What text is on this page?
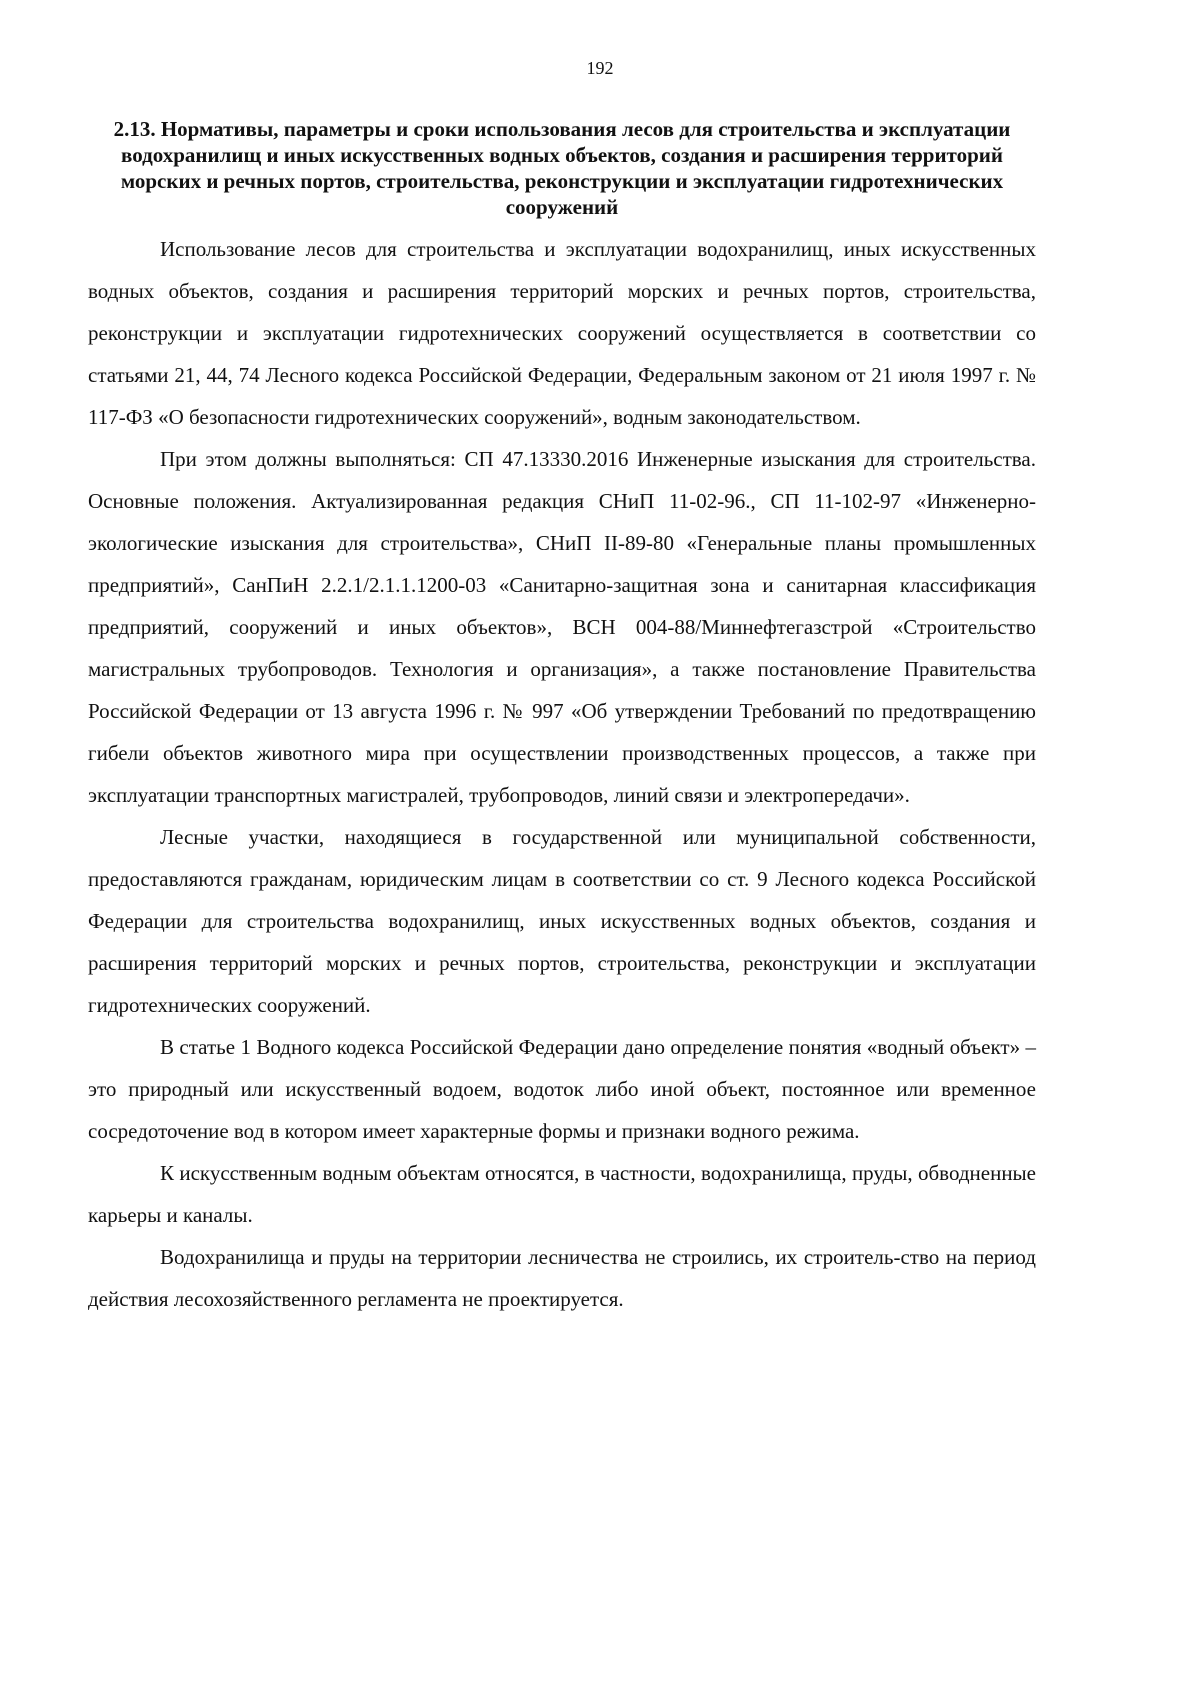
192
2.13. Нормативы, параметры и сроки использования лесов для строительства и эксплуатации водохранилищ и иных искусственных водных объектов, создания и расширения территорий морских и речных портов, строительства, реконструкции и эксплуатации гидротехнических сооружений

Использование лесов для строительства и эксплуатации водохранилищ, иных искусственных водных объектов, создания и расширения территорий морских и речных портов, строительства, реконструкции и эксплуатации гидротехнических сооружений осуществляется в соответствии со статьями 21, 44, 74 Лесного кодекса Российской Федерации, Федеральным законом от 21 июля 1997 г. № 117-ФЗ «О безопасности гидротехнических сооружений», водным законодательством.

При этом должны выполняться: СП 47.13330.2016 Инженерные изыскания для строительства. Основные положения. Актуализированная редакция СНиП 11-02-96., СП 11-102-97 «Инженерно-экологические изыскания для строительства», СНиП II-89-80 «Генеральные планы промышленных предприятий», СанПиН 2.2.1/2.1.1.1200-03 «Санитарно-защитная зона и санитарная классификация предприятий, сооружений и иных объектов», ВСН 004-88/Миннефтегазстрой «Строительство магистральных трубопроводов. Технология и организация», а также постановление Правительства Российской Федерации от 13 августа 1996 г. № 997 «Об утверждении Требований по предотвращению гибели объектов животного мира при осуществлении производственных процессов, а также при эксплуатации транспортных магистралей, трубопроводов, линий связи и электропередачи».

Лесные участки, находящиеся в государственной или муниципальной собственности, предоставляются гражданам, юридическим лицам в соответствии со ст. 9 Лесного кодекса Российской Федерации для строительства водохранилищ, иных искусственных водных объектов, создания и расширения территорий морских и речных портов, строительства, реконструкции и эксплуатации гидротехнических сооружений.

В статье 1 Водного кодекса Российской Федерации дано определение понятия «водный объект» – это природный или искусственный водоем, водоток либо иной объект, постоянное или временное сосредоточение вод в котором имеет характерные формы и признаки водного режима.

К искусственным водным объектам относятся, в частности, водохранилища, пруды, обводненные карьеры и каналы.

Водохранилища и пруды на территории лесничества не строились, их строитель-ство на период действия лесохозяйственного регламента не проектируется.
